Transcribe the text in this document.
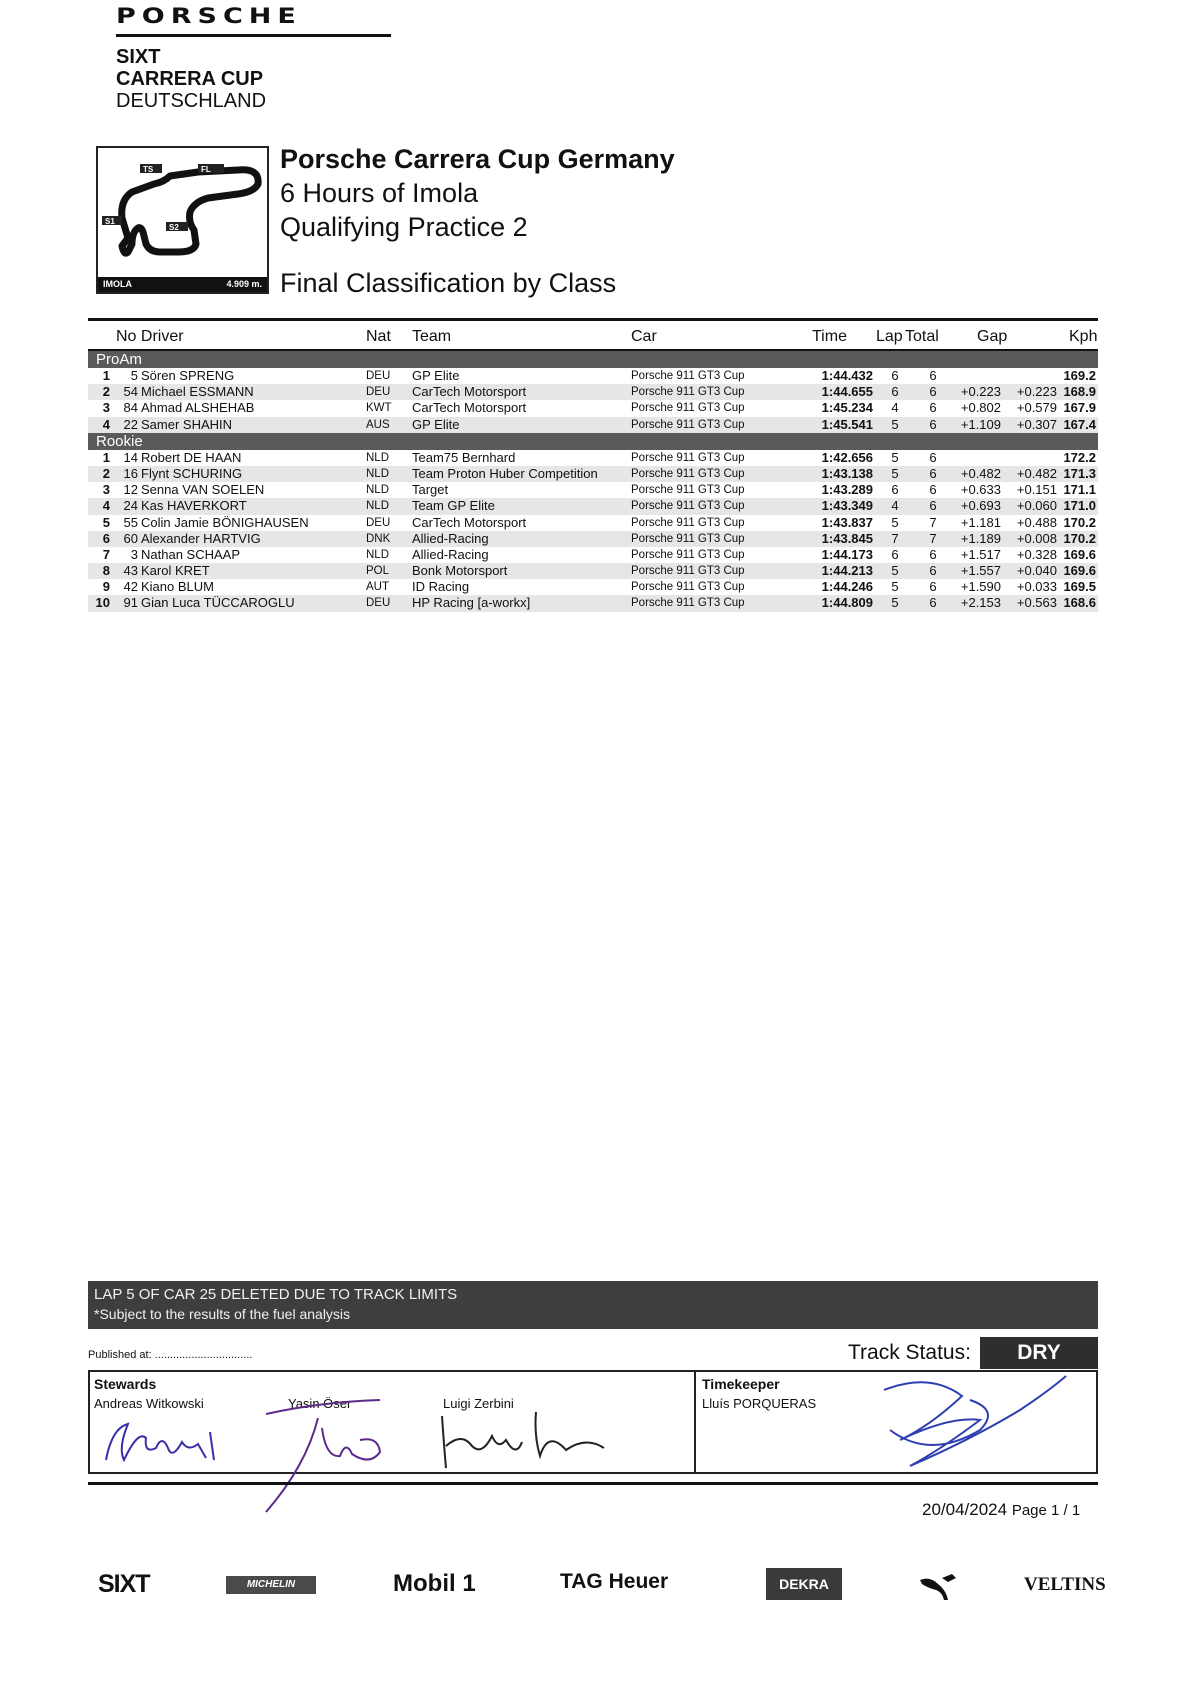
PORSCHE
SIXT
CARRERA CUP
DEUTSCHLAND
TS	FL
S1
S2
IMOLA	4.909 m.
Porsche Carrera Cup Germany
6 Hours of Imola
Qualifying Practice 2
Final Classification by Class
No Driver	Nat Team	Car	Time Lap Total Gap	Kph
ProAm
1	5 Sören SPRENG	DEU GP Elite	Porsche 911 GT3 Cup	1:44.432 6 6	169.2
2	54 Michael ESSMANN	DEU CarTech Motorsport	Porsche 911 GT3 Cup	1:44.655 6 6	+0.223	+0.223 168.9
3	84 Ahmad ALSHEHAB	KWT CarTech Motorsport	Porsche 911 GT3 Cup	1:45.234 4 6	+0.802	+0.579 167.9
4	22 Samer SHAHIN	AUS GP Elite	Porsche 911 GT3 Cup	1:45.541 5 6	+1.109	+0.307 167.4
Rookie
1	14 Robert DE HAAN	NLD Team75 Bernhard	Porsche 911 GT3 Cup	1:42.656 5 6	172.2
2	16 Flynt SCHURING	NLD Team Proton Huber Competition	Porsche 911 GT3 Cup	1:43.138 5 6	+0.482	+0.482 171.3
3	12 Senna VAN SOELEN	NLD Target	Porsche 911 GT3 Cup	1:43.289 6 6	+0.633	+0.151 171.1
4	24 Kas HAVERKORT	NLD Team GP Elite	Porsche 911 GT3 Cup	1:43.349 4 6	+0.693	+0.060 171.0
5	55 Colin Jamie BÖNIGHAUSEN	DEU CarTech Motorsport	Porsche 911 GT3 Cup	1:43.837 5 7	+1.181	+0.488 170.2
6	60 Alexander HARTVIG	DNK Allied-Racing	Porsche 911 GT3 Cup	1:43.845 7 7	+1.189	+0.008 170.2
7	3 Nathan SCHAAP	NLD Allied-Racing	Porsche 911 GT3 Cup	1:44.173 6 6	+1.517	+0.328 169.6
8	43 Karol KRET	POL Bonk Motorsport	Porsche 911 GT3 Cup	1:44.213 5 6	+1.557	+0.040 169.6
9	42 Kiano BLUM	AUT ID Racing	Porsche 911 GT3 Cup	1:44.246 5 6	+1.590	+0.033 169.5
10	91 Gian Luca TÜCCAROGLU	DEU HP Racing [a-workx]	Porsche 911 GT3 Cup	1:44.809 5 6	+2.153	+0.563 168.6
LAP 5 OF CAR 25 DELETED DUE TO TRACK LIMITS
*Subject to the results of the fuel analysis
Published at: ................................	Track Status:	DRY
Stewards
Andreas Witkowski	Yasin Öser	Luigi Zerbini
Timekeeper
Lluís PORQUERAS
20/04/2024 Page 1 / 1
SIXT	MICHELIN	Mobil 1	TAG Heuer	DEKRA	VELTINS
